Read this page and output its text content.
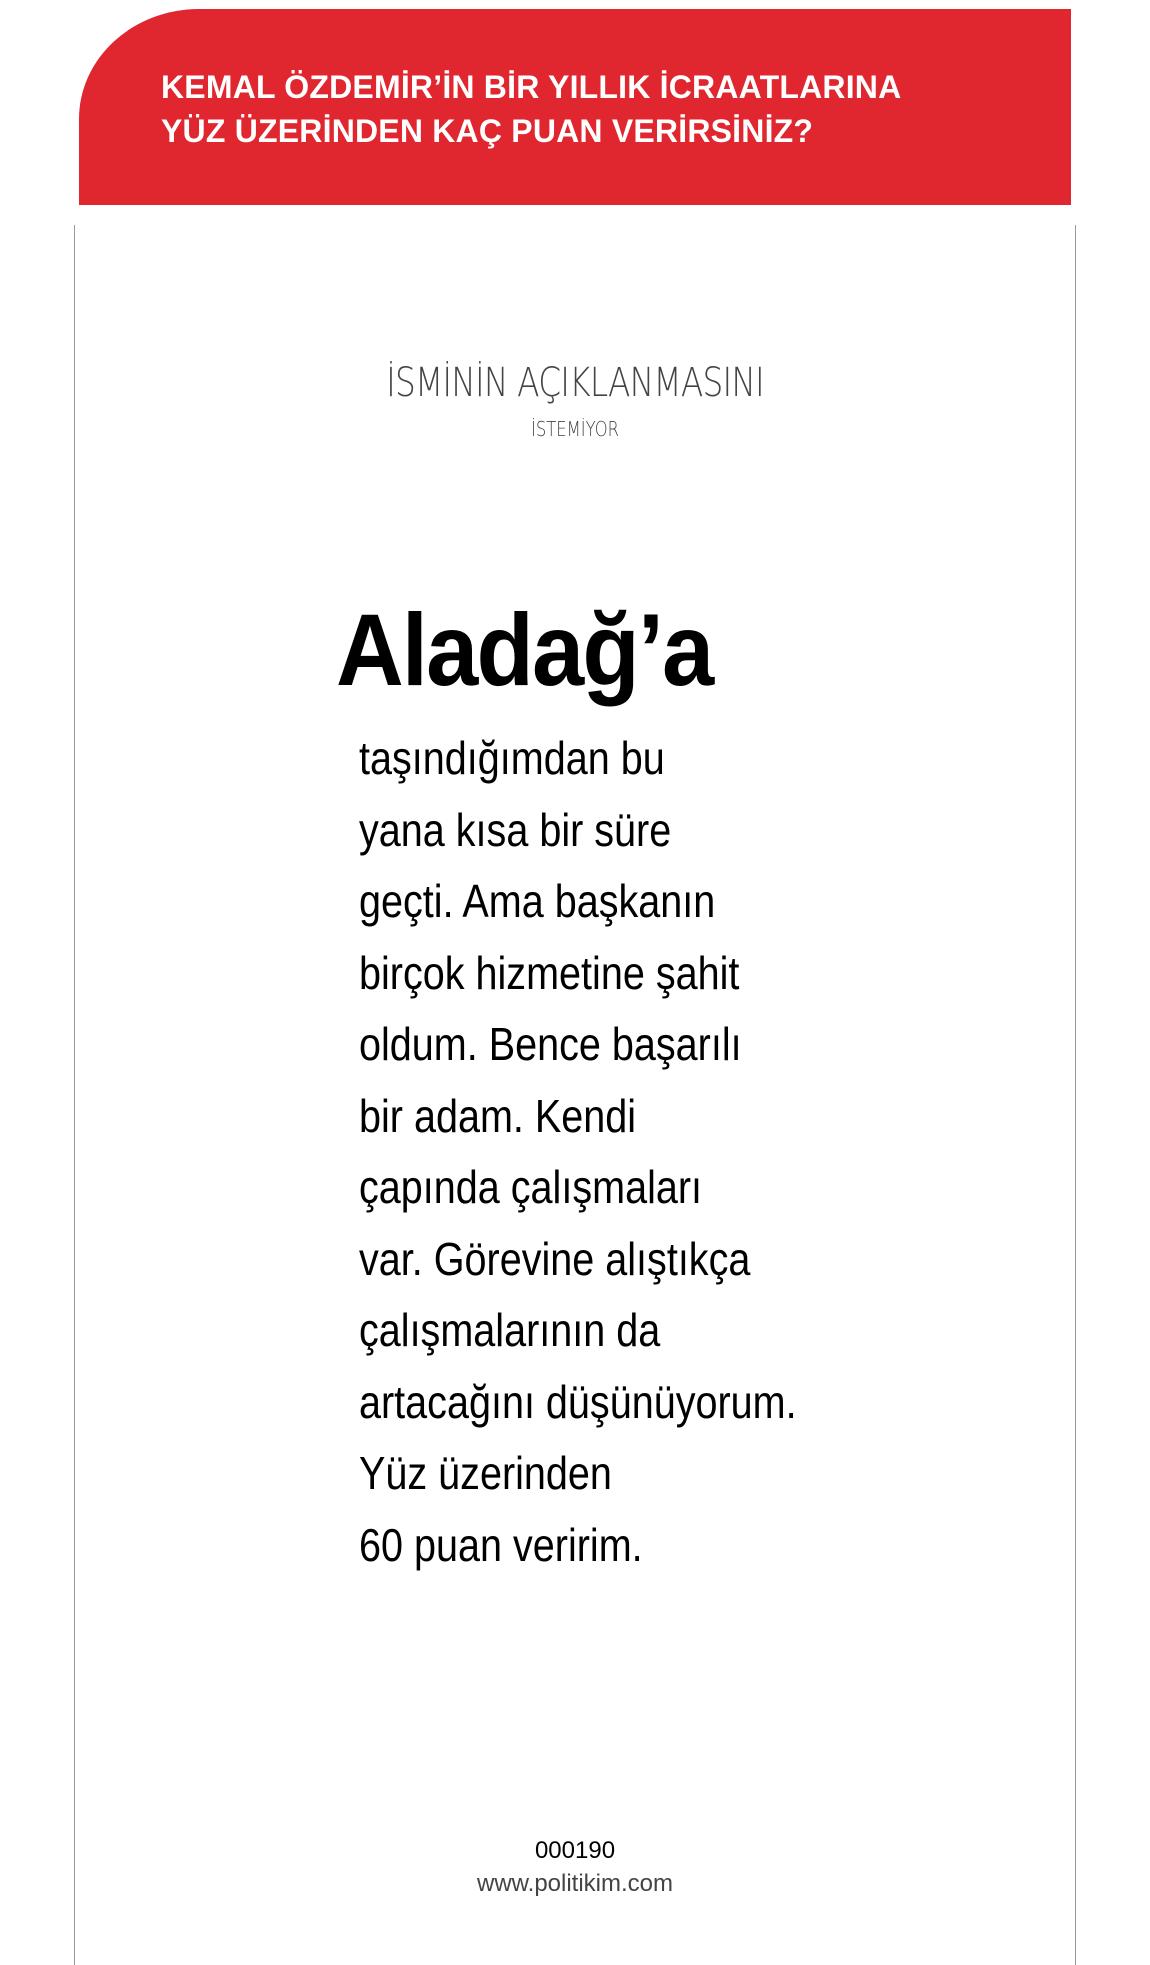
KEMAL ÖZDEMİR’İN BİR YILLIK İCRAATLARINA
YÜZ ÜZERİNDEN KAÇ PUAN VERİRSİNİZ?
İSMİNİN AÇIKLANMASINI
İSTEMİYOR
Aladağ’a
taşındığımdan bu
yana kısa bir süre
geçti. Ama başkanın
birçok hizmetine şahit
oldum. Bence başarılı
bir adam. Kendi
çapında çalışmaları
var. Görevine alıştıkça
çalışmalarının da
artacağını düşünüyorum.
Yüz üzerinden
60 puan veririm.
000190
www.politikim.com
